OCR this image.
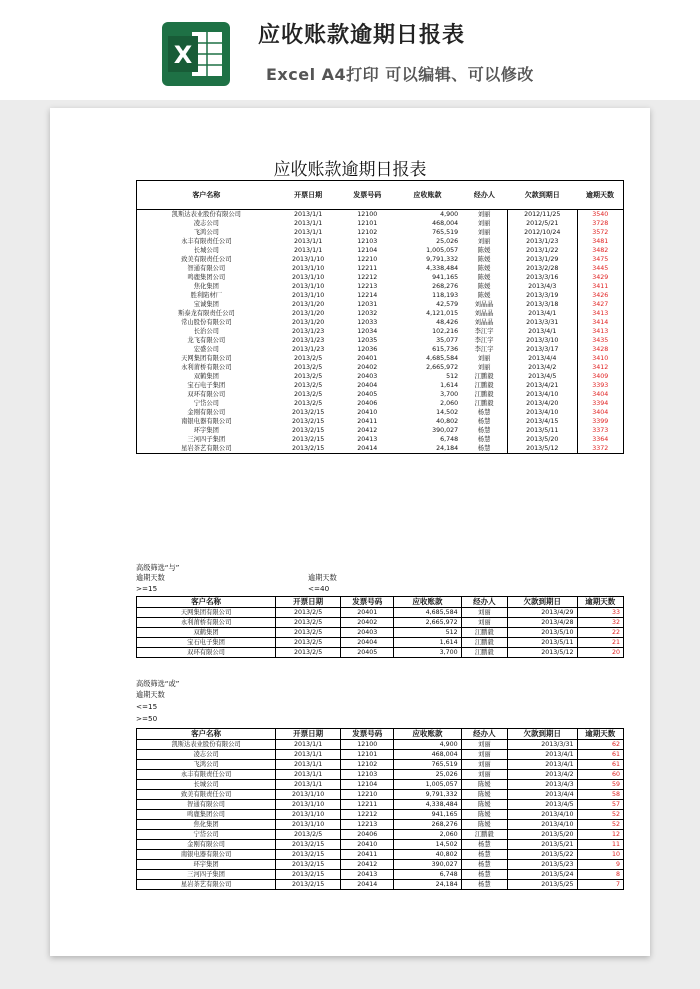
X
应收账款逾期日报表
Excel A4打印 可以编辑、可以修改
应收账款逾期日报表
客户名称	开票日期	发票号码	应收账款	经办人	欠款到期日	逾期天数
凯斯达表业股份有限公司	2013/1/1	12100	4,900	刘丽	2012/11/25	3540
凌志公司	2013/1/1	12101	468,004	刘丽	2012/5/21	3728
飞鸿公司	2013/1/1	12102	765,519	刘丽	2012/10/24	3572
永丰有限责任公司	2013/1/1	12103	25,026	刘丽	2013/1/23	3481
长城公司	2013/1/1	12104	1,005,057	陈媛	2013/1/22	3482
致美有限责任公司	2013/1/10	12210	9,791,332	陈媛	2013/1/29	3475
智通有限公司	2013/1/10	12211	4,338,484	陈媛	2013/2/28	3445
鸣鹿集团公司	2013/1/10	12212	941,165	陈媛	2013/3/16	3429
焦化集团	2013/1/10	12213	268,276	陈媛	2013/4/3	3411
胜利陷材厂	2013/1/10	12214	118,193	陈媛	2013/3/19	3426
宝诚集团	2013/1/20	12031	42,579	刘晶晶	2013/3/18	3427
斯泰龙有限责任公司	2013/1/20	12032	4,121,015	刘晶晶	2013/4/1	3413
常山股份有限公司	2013/1/20	12033	48,426	刘晶晶	2013/3/31	3414
长治公司	2013/1/23	12034	102,216	李江宇	2013/4/1	3413
龙飞有限公司	2013/1/23	12035	35,077	李江宇	2013/3/10	3435
宏盛公司	2013/1/23	12036	615,736	李江宇	2013/3/17	3428
天网集团有限公司	2013/2/5	20401	4,685,584	刘丽	2013/4/4	3410
永利莆桥有限公司	2013/2/5	20402	2,665,972	刘丽	2013/4/2	3412
双鹤集团	2013/2/5	20403	512	江鹏毅	2013/4/5	3409
宝石电子集团	2013/2/5	20404	1,614	江鹏毅	2013/4/21	3393
双环有限公司	2013/2/5	20405	3,700	江鹏毅	2013/4/10	3404
宁岱公司	2013/2/5	20406	2,060	江鹏毅	2013/4/20	3394
金刚有限公司	2013/2/15	20410	14,502	杨慧	2013/4/10	3404
南银电器有限公司	2013/2/15	20411	40,802	杨慧	2013/4/15	3399
环宇集团	2013/2/15	20412	390,027	杨慧	2013/5/11	3373
三河四子集团	2013/2/15	20413	6,748	杨慧	2013/5/20	3364
星岩茶艺有限公司	2013/2/15	20414	24,184	杨慧	2013/5/12	3372
高级筛选“与”
逾期天数
>=15
逾期天数
<=40
客户名称	开票日期	发票号码	应收账款	经办人	欠款到期日	逾期天数
天网集团有限公司	2013/2/5	20401	4,685,584	刘丽	2013/4/29	33
永利莆桥有限公司	2013/2/5	20402	2,665,972	刘丽	2013/4/28	32
双鹤集团	2013/2/5	20403	512	江鹏毅	2013/5/10	22
宝石电子集团	2013/2/5	20404	1,614	江鹏毅	2013/5/11	21
双环有限公司	2013/2/5	20405	3,700	江鹏毅	2013/5/12	20
高级筛选“或”
逾期天数
<=15
>=50
客户名称	开票日期	发票号码	应收账款	经办人	欠款到期日	逾期天数
凯斯达表业股份有限公司	2013/1/1	12100	4,900	刘丽	2013/3/31	62
凌志公司	2013/1/1	12101	468,004	刘丽	2013/4/1	61
飞鸿公司	2013/1/1	12102	765,519	刘丽	2013/4/1	61
永丰有限责任公司	2013/1/1	12103	25,026	刘丽	2013/4/2	60
长城公司	2013/1/1	12104	1,005,057	陈媛	2013/4/3	59
致美有限责任公司	2013/1/10	12210	9,791,332	陈媛	2013/4/4	58
智通有限公司	2013/1/10	12211	4,338,484	陈媛	2013/4/5	57
鸣鹿集团公司	2013/1/10	12212	941,165	陈媛	2013/4/10	52
焦化集团	2013/1/10	12213	268,276	陈媛	2013/4/10	52
宁岱公司	2013/2/5	20406	2,060	江鹏毅	2013/5/20	12
金刚有限公司	2013/2/15	20410	14,502	杨慧	2013/5/21	11
南银电器有限公司	2013/2/15	20411	40,802	杨慧	2013/5/22	10
环宇集团	2013/2/15	20412	390,027	杨慧	2013/5/23	9
三河四子集团	2013/2/15	20413	6,748	杨慧	2013/5/24	8
星岩茶艺有限公司	2013/2/15	20414	24,184	杨慧	2013/5/25	7
